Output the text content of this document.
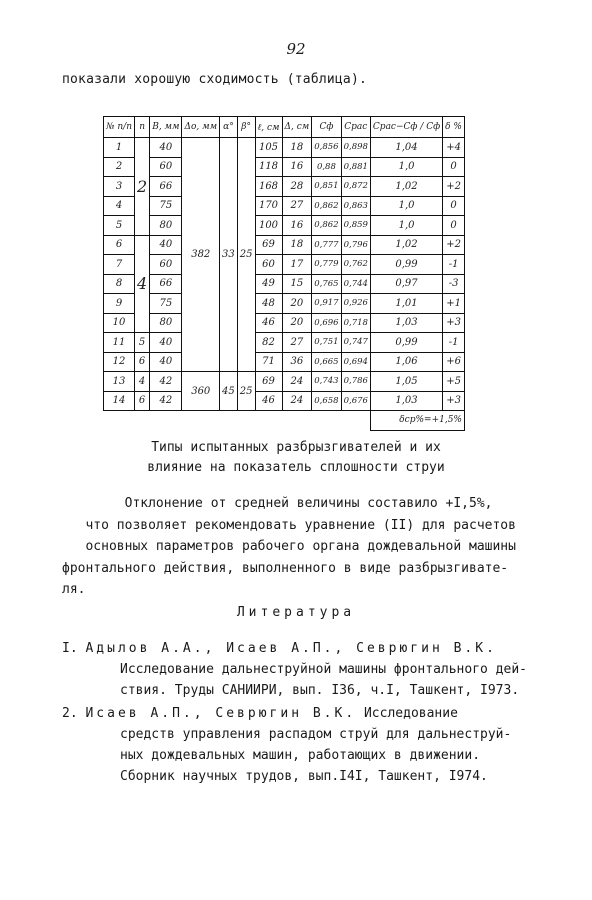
92
показали хорошую сходимость (таблица).
№ п/п	n	B, мм	Δо, мм	α°	β°	ℓ, см	Δ, см	Cф	Cрас	Cрас−Cф / Cф	δ %
1	2	40	382	33	25	105	18	0,856	0,898	1,04	+4
2		60				118	16	0,88	0,881	1,0	0
3		66				168	28	0,851	0,872	1,02	+2
4		75				170	27	0,862	0,863	1,0	0
5		80				100	16	0,862	0,859	1,0	0
6	4	40				69	18	0,777	0,796	1,02	+2
7		60				60	17	0,779	0,762	0,99	-1
8		66				49	15	0,765	0,744	0,97	-3
9		75				48	20	0,917	0,926	1,01	+1
10		80				46	20	0,696	0,718	1,03	+3
11	5	40				82	27	0,751	0,747	0,99	-1
12	6	40				71	36	0,665	0,694	1,06	+6
13	4	42	360	45	25	69	24	0,743	0,786	1,05	+5
14	6	42				46	24	0,658	0,676	1,03	+3
										δср%=+1,5%	
Типы испытанных разбрызгивателей и их
влияние на показатель сплошности струи
Отклонение от средней величины составило +I,5%,
что позволяет рекомендовать уравнение (II) для расчетов
основных параметров рабочего органа дождевальной машины
фронтального действия, выполненного в виде разбрызгивате-
ля.
Литература
I. Адылов А.А., Исаев А.П., Севрюгин В.К.
Исследование дальнеструйной машины фронтального дей-
ствия. Труды САНИИРИ, вып. I36, ч.I, Ташкент, I973.
2. Исаев А.П., Севрюгин В.К. Исследование
средств управления распадом струй для дальнеструй-
ных дождевальных машин, работающих в движении.
Сборник научных трудов, вып.I4I, Ташкент, I974.
